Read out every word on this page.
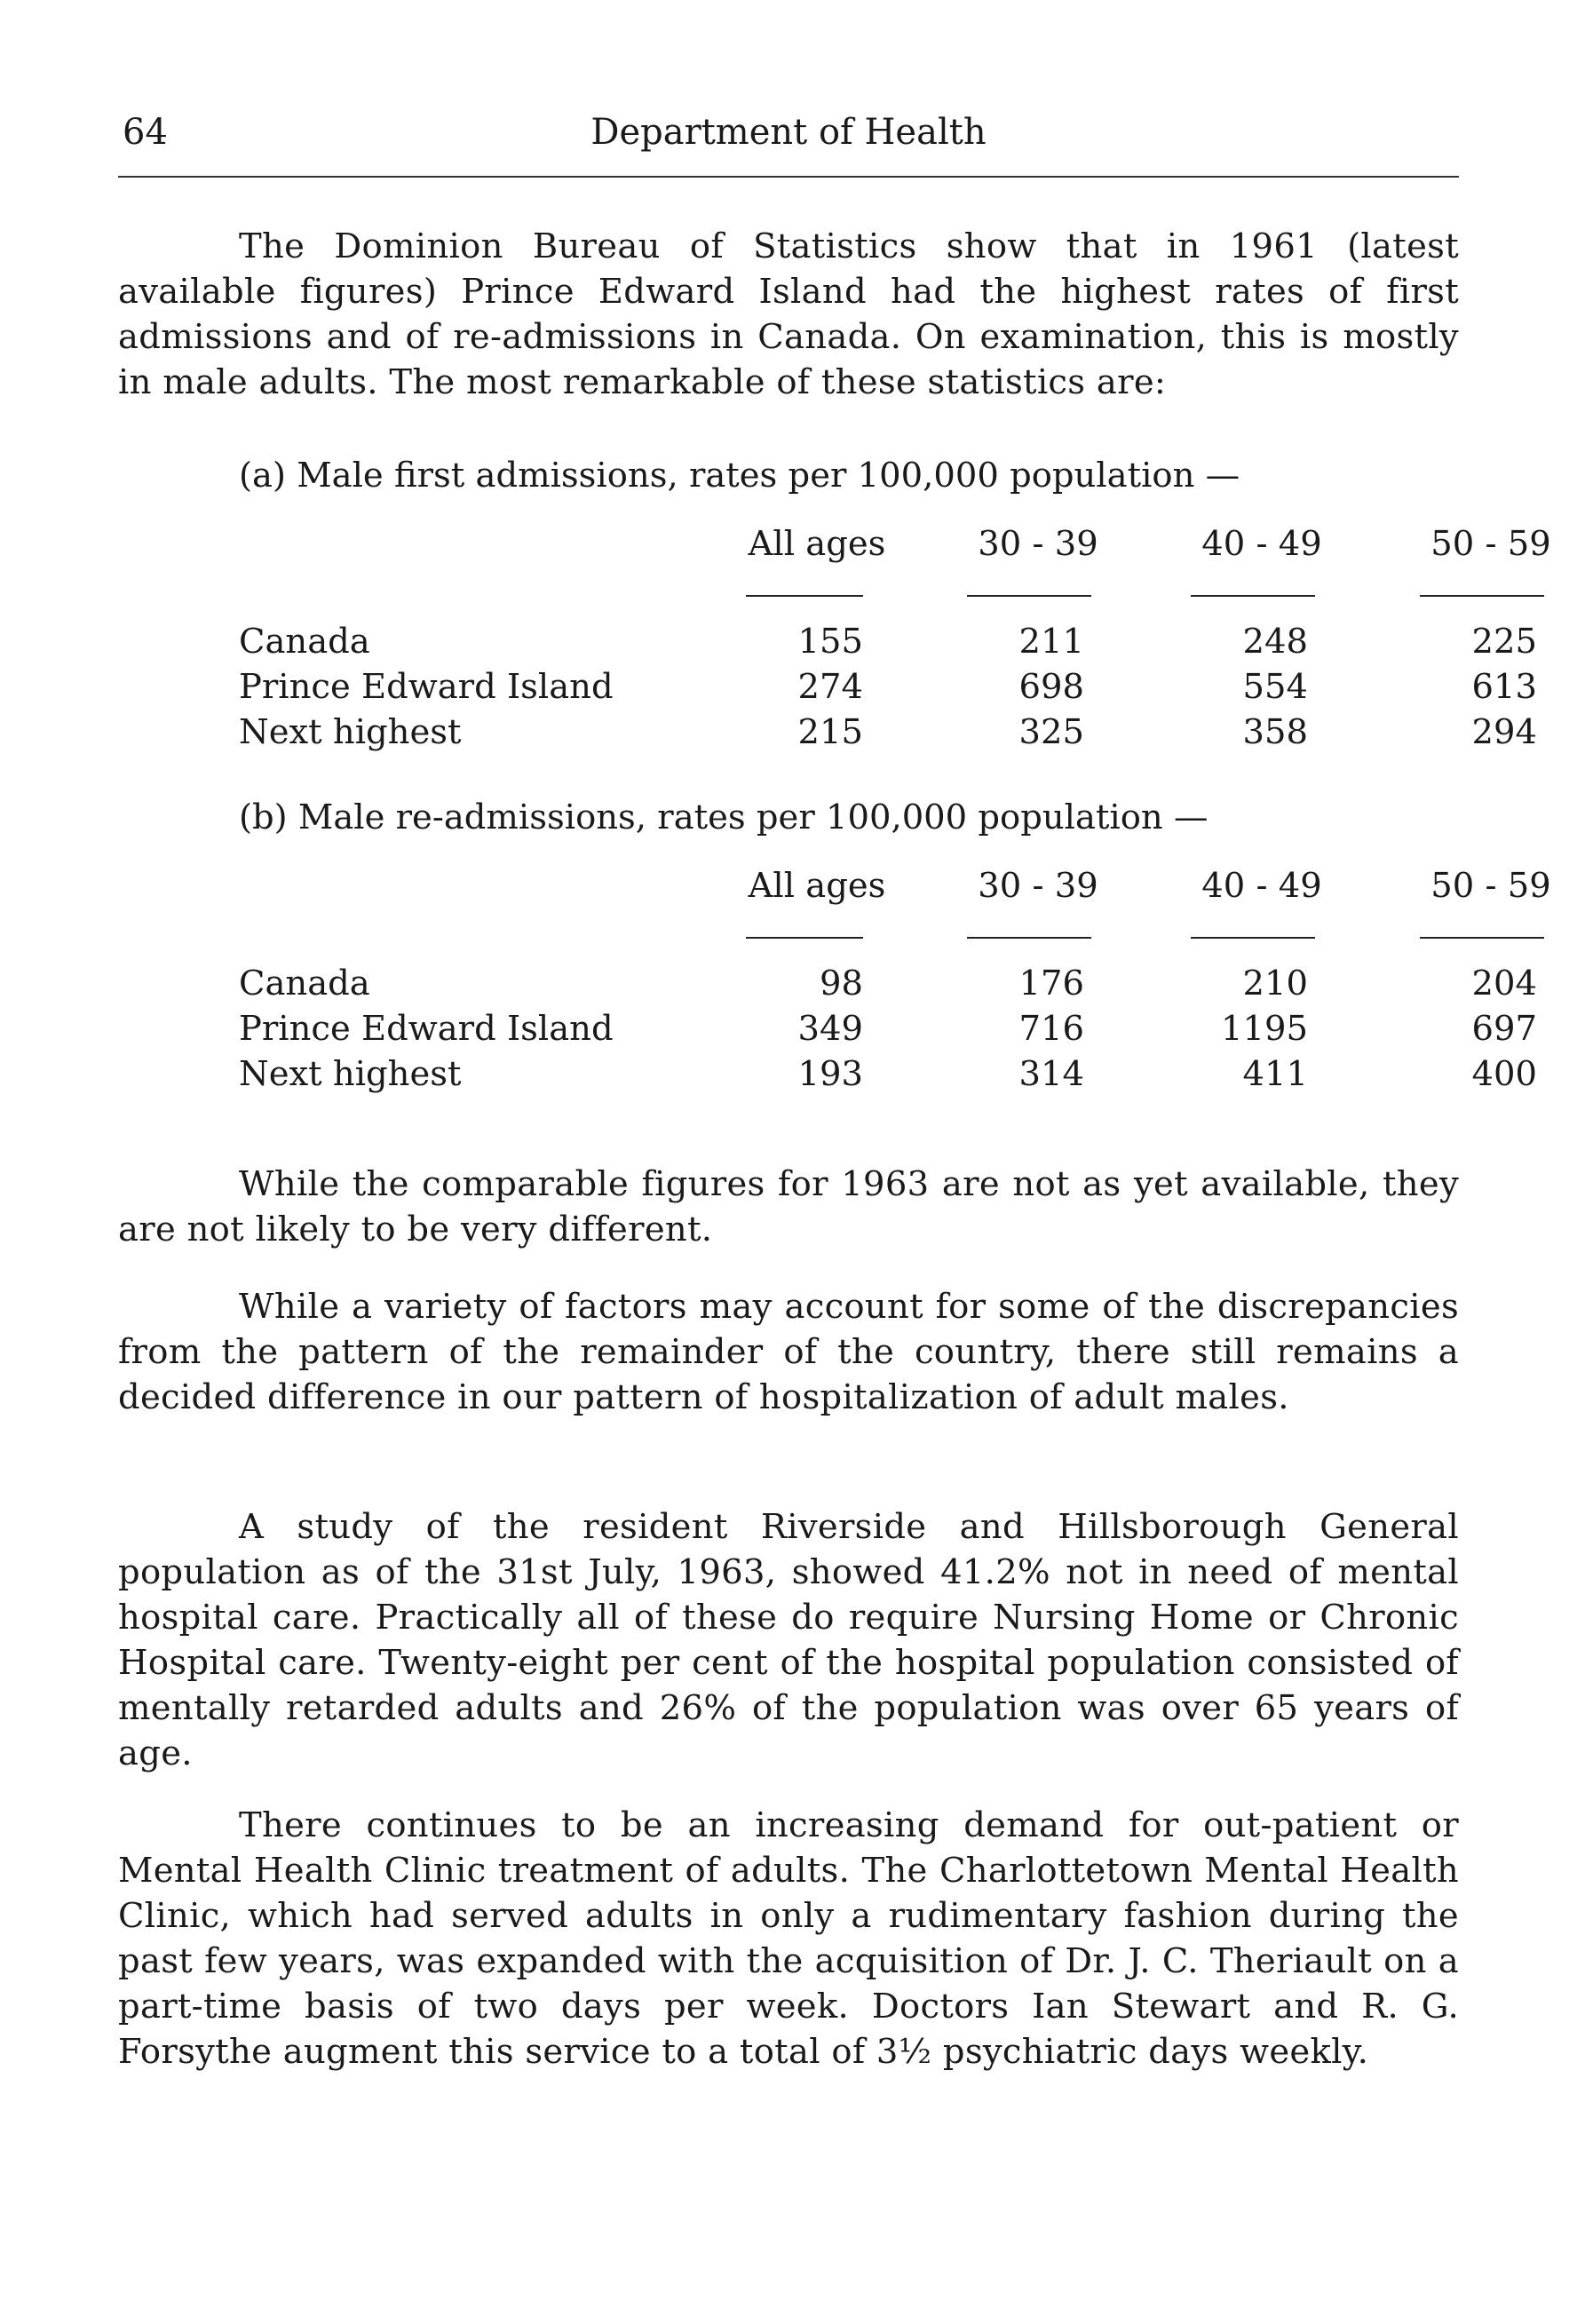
64	Department of Health

The Dominion Bureau of Statistics show that in 1961 (latest available figures) Prince Edward Island had the highest rates of first admissions and of re-admissions in Canada. On examination, this is mostly in male adults. The most remarkable of these statistics are:

(a) Male first admissions, rates per 100,000 population —
All ages	30 - 39	40 - 49	50 - 59
Canada	155	211	248	225
Prince Edward Island	274	698	554	613
Next highest	215	325	358	294
(b) Male re-admissions, rates per 100,000 population —
All ages	30 - 39	40 - 49	50 - 59
Canada	98	176	210	204
Prince Edward Island	349	716	1195	697
Next highest	193	314	411	400

While the comparable figures for 1963 are not as yet available, they are not likely to be very different.

While a variety of factors may account for some of the discrepancies from the pattern of the remainder of the country, there still remains a decided difference in our pattern of hospitalization of adult males.

A study of the resident Riverside and Hillsborough General population as of the 31st July, 1963, showed 41.2% not in need of mental hospital care. Practically all of these do require Nursing Home or Chronic Hospital care. Twenty-eight per cent of the hospital population consisted of mentally retarded adults and 26% of the population was over 65 years of age.

There continues to be an increasing demand for out-patient or Mental Health Clinic treatment of adults. The Charlottetown Mental Health Clinic, which had served adults in only a rudimentary fashion during the past few years, was expanded with the acquisition of Dr. J. C. Theriault on a part-time basis of two days per week. Doctors Ian Stewart and R. G. Forsythe augment this service to a total of 3½ psychiatric days weekly.
